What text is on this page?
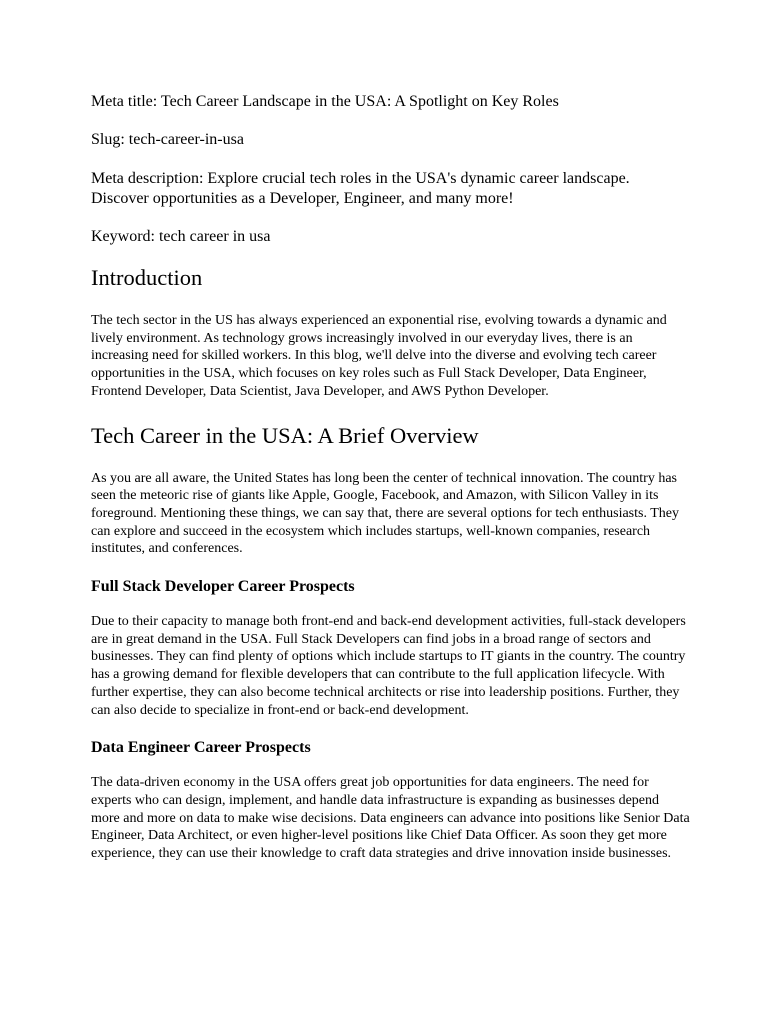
Meta title: Tech Career Landscape in the USA: A Spotlight on Key Roles

Slug: tech-career-in-usa

Meta description: Explore crucial tech roles in the USA's dynamic career landscape. Discover opportunities as a Developer, Engineer, and many more!

Keyword: tech career in usa

Introduction

The tech sector in the US has always experienced an exponential rise, evolving towards a dynamic and lively environment. As technology grows increasingly involved in our everyday lives, there is an increasing need for skilled workers. In this blog, we'll delve into the diverse and evolving tech career opportunities in the USA, which focuses on key roles such as Full Stack Developer, Data Engineer, Frontend Developer, Data Scientist, Java Developer, and AWS Python Developer.

Tech Career in the USA: A Brief Overview

As you are all aware, the United States has long been the center of technical innovation. The country has seen the meteoric rise of giants like Apple, Google, Facebook, and Amazon, with Silicon Valley in its foreground. Mentioning these things, we can say that, there are several options for tech enthusiasts. They can explore and succeed in the ecosystem which includes startups, well-known companies, research institutes, and conferences.

Full Stack Developer Career Prospects

Due to their capacity to manage both front-end and back-end development activities, full-stack developers are in great demand in the USA. Full Stack Developers can find jobs in a broad range of sectors and businesses. They can find plenty of options which include startups to IT giants in the country. The country has a growing demand for flexible developers that can contribute to the full application lifecycle. With further expertise, they can also become technical architects or rise into leadership positions. Further, they can also decide to specialize in front-end or back-end development.

Data Engineer Career Prospects

The data-driven economy in the USA offers great job opportunities for data engineers. The need for experts who can design, implement, and handle data infrastructure is expanding as businesses depend more and more on data to make wise decisions. Data engineers can advance into positions like Senior Data Engineer, Data Architect, or even higher-level positions like Chief Data Officer. As soon they get more experience, they can use their knowledge to craft data strategies and drive innovation inside businesses.
